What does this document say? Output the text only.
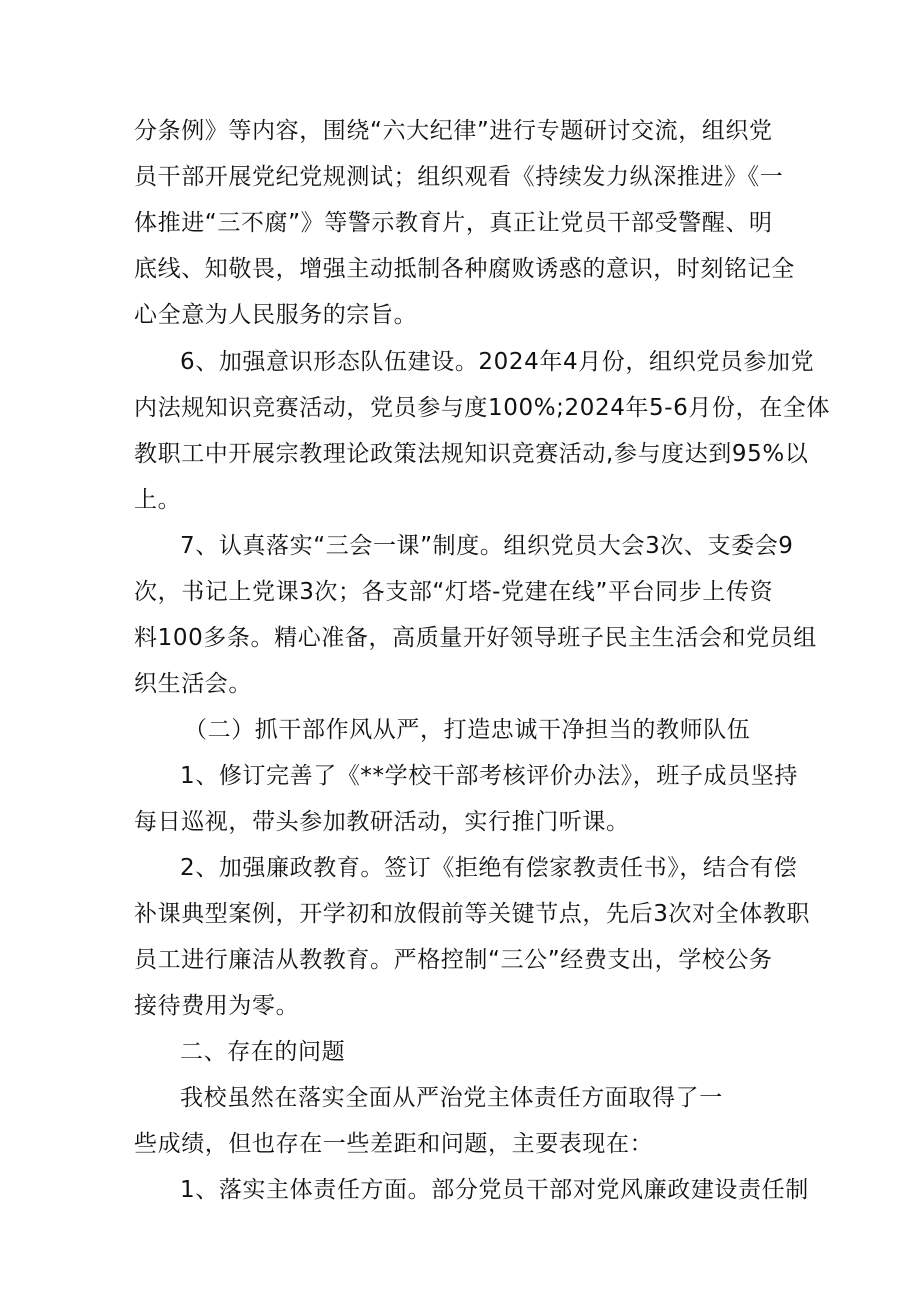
分条例》等内容，围绕“六大纪律”进行专题研讨交流，组织党
员干部开展党纪党规测试；组织观看《持续发力纵深推进》《一
体推进“三不腐”》等警示教育片，真正让党员干部受警醒、明
底线、知敬畏，增强主动抵制各种腐败诱惑的意识，时刻铭记全
心全意为人民服务的宗旨。
6、加强意识形态队伍建设。2024年4月份，组织党员参加党
内法规知识竞赛活动，党员参与度100%;2024年5-6月份，在全体
教职工中开展宗教理论政策法规知识竞赛活动,参与度达到95%以
上。
7、认真落实“三会一课”制度。组织党员大会3次、支委会9
次，书记上党课3次；各支部“灯塔-党建在线”平台同步上传资
料100多条。精心准备，高质量开好领导班子民主生活会和党员组
织生活会。
（二）抓干部作风从严，打造忠诚干净担当的教师队伍
1、修订完善了《**学校干部考核评价办法》，班子成员坚持
每日巡视，带头参加教研活动，实行推门听课。
2、加强廉政教育。签订《拒绝有偿家教责任书》，结合有偿
补课典型案例，开学初和放假前等关键节点，先后3次对全体教职
员工进行廉洁从教教育。严格控制“三公”经费支出，学校公务
接待费用为零。
二、存在的问题
我校虽然在落实全面从严治党主体责任方面取得了一
些成绩，但也存在一些差距和问题，主要表现在：
1、落实主体责任方面。部分党员干部对党风廉政建设责任制
